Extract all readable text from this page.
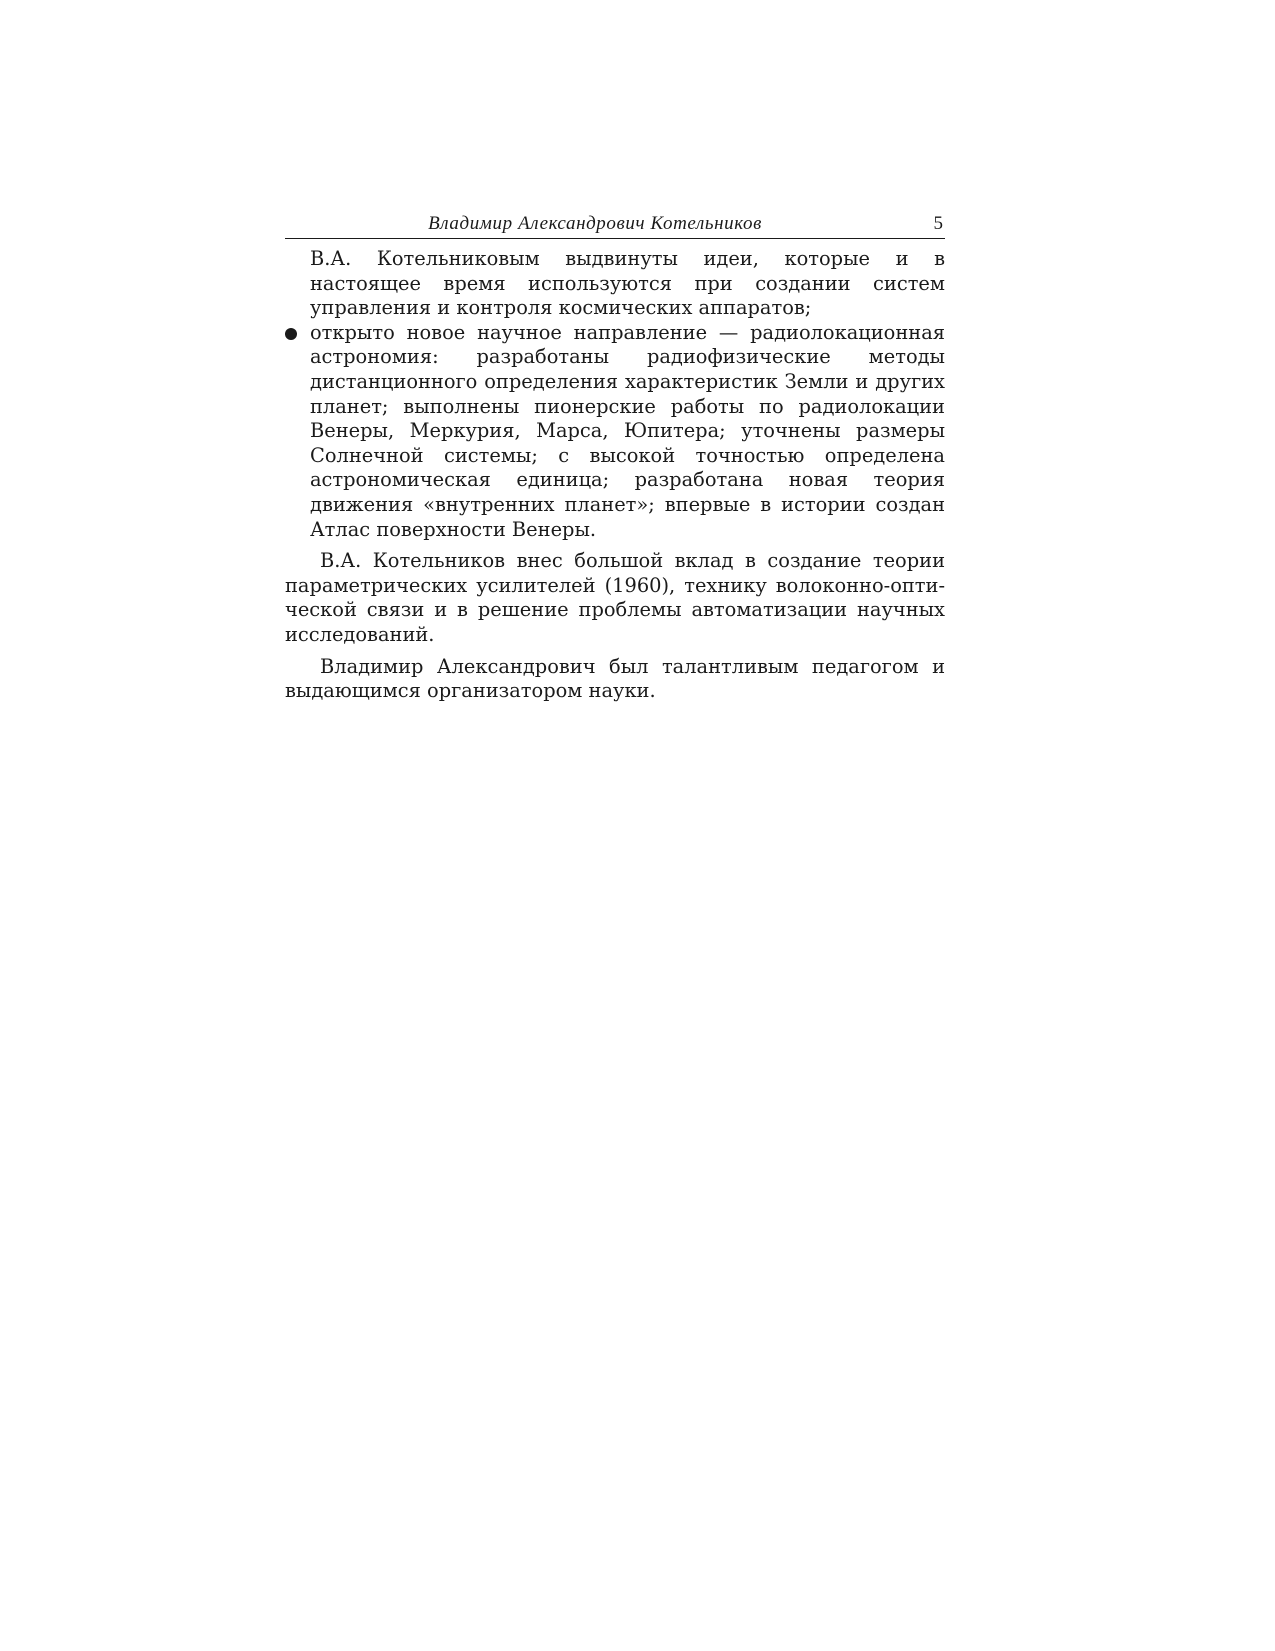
Владимир Александрович Котельников	5

В.А. Котельниковым выдвинуты идеи, которые и в настоящее время используются при создании систем управления и контроля космических аппаратов;

открыто новое научное направление — радиолокационная астрономия: разработаны радиофизические методы дистанционного определения характеристик Земли и других планет; выполнены пионерские работы по радиолокации Венеры, Меркурия, Марса, Юпитера; уточнены размеры Солнечной системы; с высокой точностью определена астрономическая единица; разработана новая теория движения «внутренних планет»; впервые в истории создан Атлас поверхности Венеры.

В.А. Котельников внес большой вклад в создание теории параметрических усилителей (1960), технику волоконно-оптической связи и в решение проблемы автоматизации научных исследований.

Владимир Александрович был талантливым педагогом и выдающимся организатором науки.
